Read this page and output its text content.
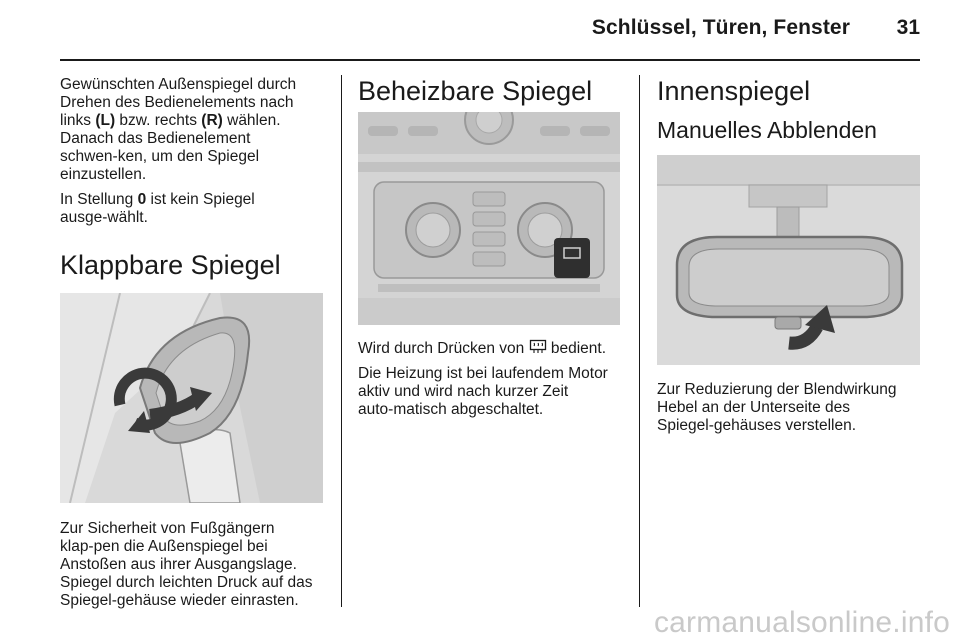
Schlüssel, Türen, Fenster	31

Gewünschten Außenspiegel durch Drehen des Bedienelements nach links (L) bzw. rechts (R) wählen. Danach das Bedienelement schwen‑ken, um den Spiegel einzustellen.

In Stellung 0 ist kein Spiegel ausge‑wählt.

Klappbare Spiegel

Zur Sicherheit von Fußgängern klap‑pen die Außenspiegel bei Anstoßen aus ihrer Ausgangslage. Spiegel durch leichten Druck auf das Spiegel‑gehäuse wieder einrasten.

Beheizbare Spiegel

Wird durch Drücken von  bedient.

Die Heizung ist bei laufendem Motor aktiv und wird nach kurzer Zeit auto‑matisch abgeschaltet.

Innenspiegel
Manuelles Abblenden

Zur Reduzierung der Blendwirkung Hebel an der Unterseite des Spiegel‑gehäuses verstellen.

carmanualsonline.info
